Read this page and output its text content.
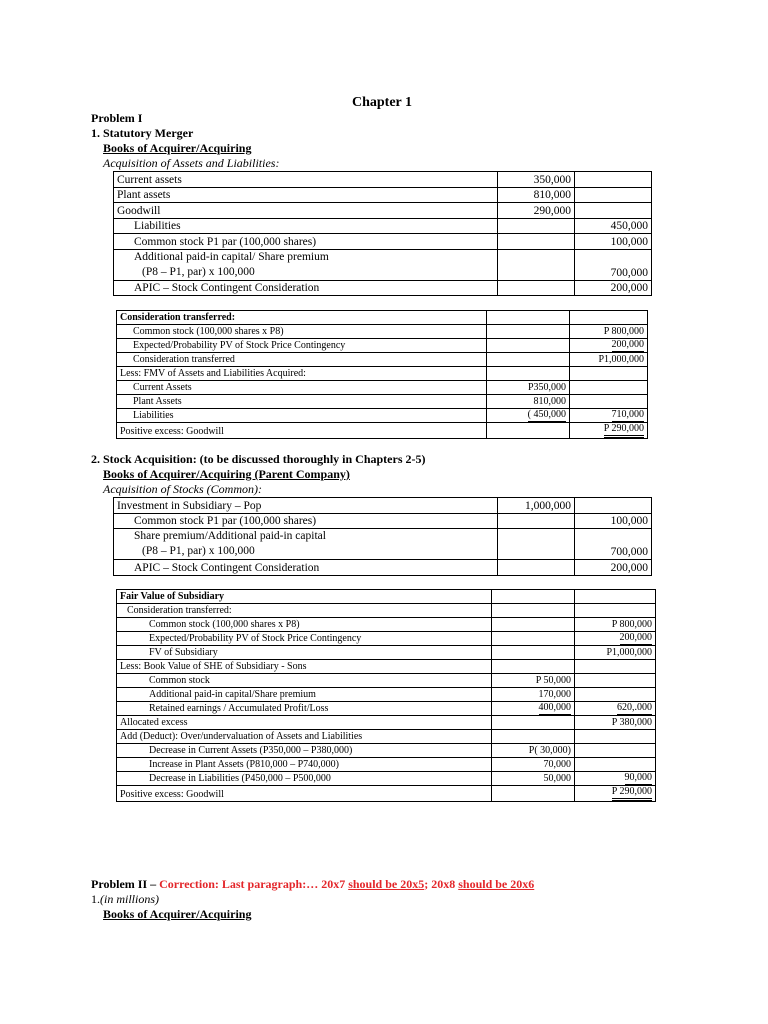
Chapter 1
Problem I
1. Statutory Merger
Books of Acquirer/Acquiring
Acquisition of Assets and Liabilities:
Current assets	350,000	
Plant assets	810,000	
Goodwill	290,000	
Liabilities		450,000
Common stock P1 par (100,000 shares)		100,000
Additional paid-in capital/ Share premium
(P8 – P1, par) x 100,000		700,000
APIC – Stock Contingent Consideration		200,000
Consideration transferred:		
Common stock (100,000 shares x P8)		P 800,000
Expected/Probability PV of Stock Price Contingency		200,000
Consideration transferred		P1,000,000
Less: FMV of Assets and Liabilities Acquired:		
Current Assets	P350,000	
Plant Assets	810,000	
Liabilities	( 450,000	710,000
Positive excess: Goodwill		P 290,000
2. Stock Acquisition: (to be discussed thoroughly in Chapters 2-5)
Books of Acquirer/Acquiring (Parent Company)
Acquisition of Stocks (Common):
Investment in Subsidiary – Pop	1,000,000	
Common stock P1 par (100,000 shares)		100,000
Share premium/Additional paid-in capital
(P8 – P1, par) x 100,000		700,000
APIC – Stock Contingent Consideration		200,000
Fair Value of Subsidiary		
Consideration transferred:		
Common stock (100,000 shares x P8)		P 800,000
Expected/Probability PV of Stock Price Contingency		200,000
FV of Subsidiary		P1,000,000
Less: Book Value of SHE of Subsidiary - Sons		
Common stock	P 50,000	
Additional paid-in capital/Share premium	170,000	
Retained earnings / Accumulated Profit/Loss	400,000	620,.000
Allocated excess		P 380,000
Add (Deduct): Over/undervaluation of Assets and Liabilities		
Decrease in Current Assets (P350,000 – P380,000)	P( 30,000)	
Increase in Plant Assets (P810,000 – P740,000)	70,000	
Decrease in Liabilities (P450,000 – P500,000	50,000	90,000
Positive excess: Goodwill		P 290,000
Problem II – Correction: Last paragraph:… 20x7 should be 20x5; 20x8 should be 20x6
1.(in millions)
Books of Acquirer/Acquiring
